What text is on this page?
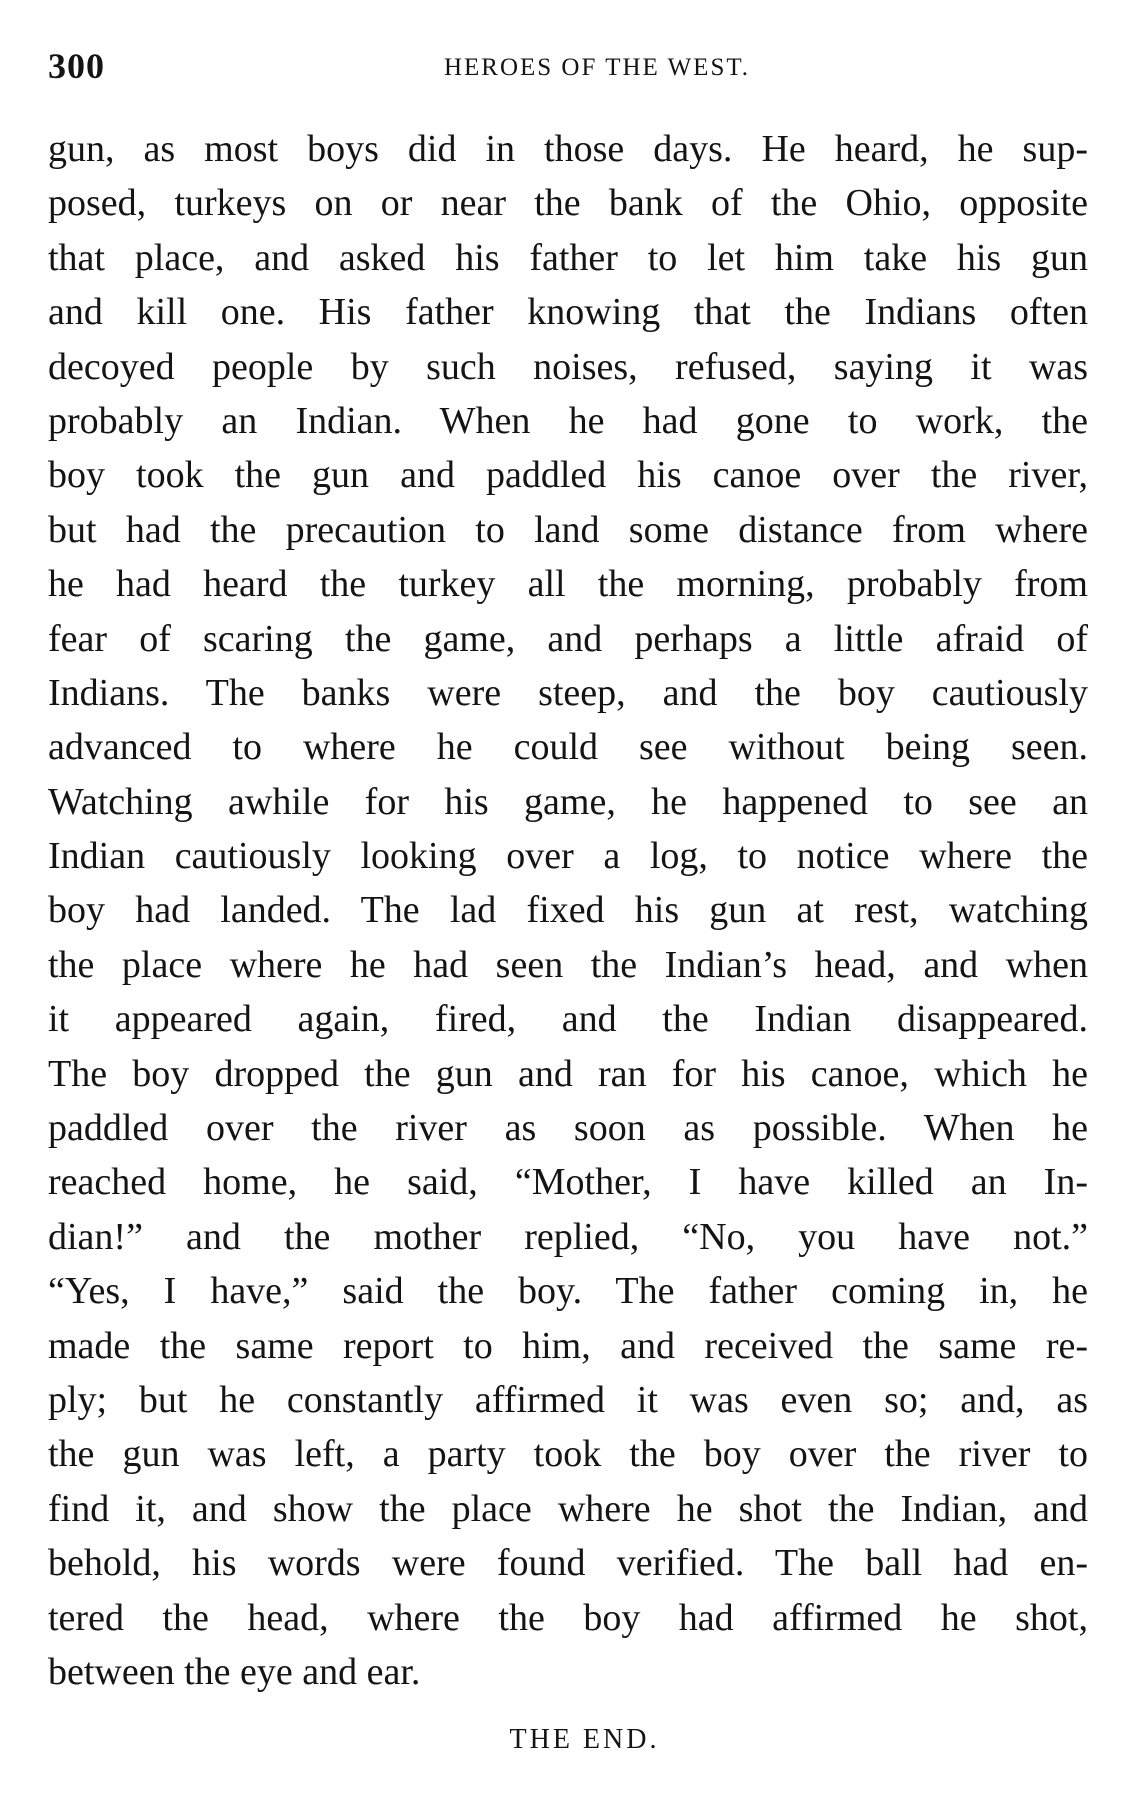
300	HEROES OF THE WEST.
gun, as most boys did in those days. He heard, he sup-
posed, turkeys on or near the bank of the Ohio, opposite
that place, and asked his father to let him take his gun
and kill one. His father knowing that the Indians often
decoyed people by such noises, refused, saying it was
probably an Indian. When he had gone to work, the
boy took the gun and paddled his canoe over the river,
but had the precaution to land some distance from where
he had heard the turkey all the morning, probably from
fear of scaring the game, and perhaps a little afraid of
Indians. The banks were steep, and the boy cautiously
advanced to where he could see without being seen.
Watching awhile for his game, he happened to see an
Indian cautiously looking over a log, to notice where the
boy had landed. The lad fixed his gun at rest, watching
the place where he had seen the Indian’s head, and when
it appeared again, fired, and the Indian disappeared.
The boy dropped the gun and ran for his canoe, which he
paddled over the river as soon as possible. When he
reached home, he said, “Mother, I have killed an In-
dian!” and the mother replied, “No, you have not.”
“Yes, I have,” said the boy. The father coming in, he
made the same report to him, and received the same re-
ply; but he constantly affirmed it was even so; and, as
the gun was left, a party took the boy over the river to
find it, and show the place where he shot the Indian, and
behold, his words were found verified. The ball had en-
tered the head, where the boy had affirmed he shot,
between the eye and ear.
THE END.
